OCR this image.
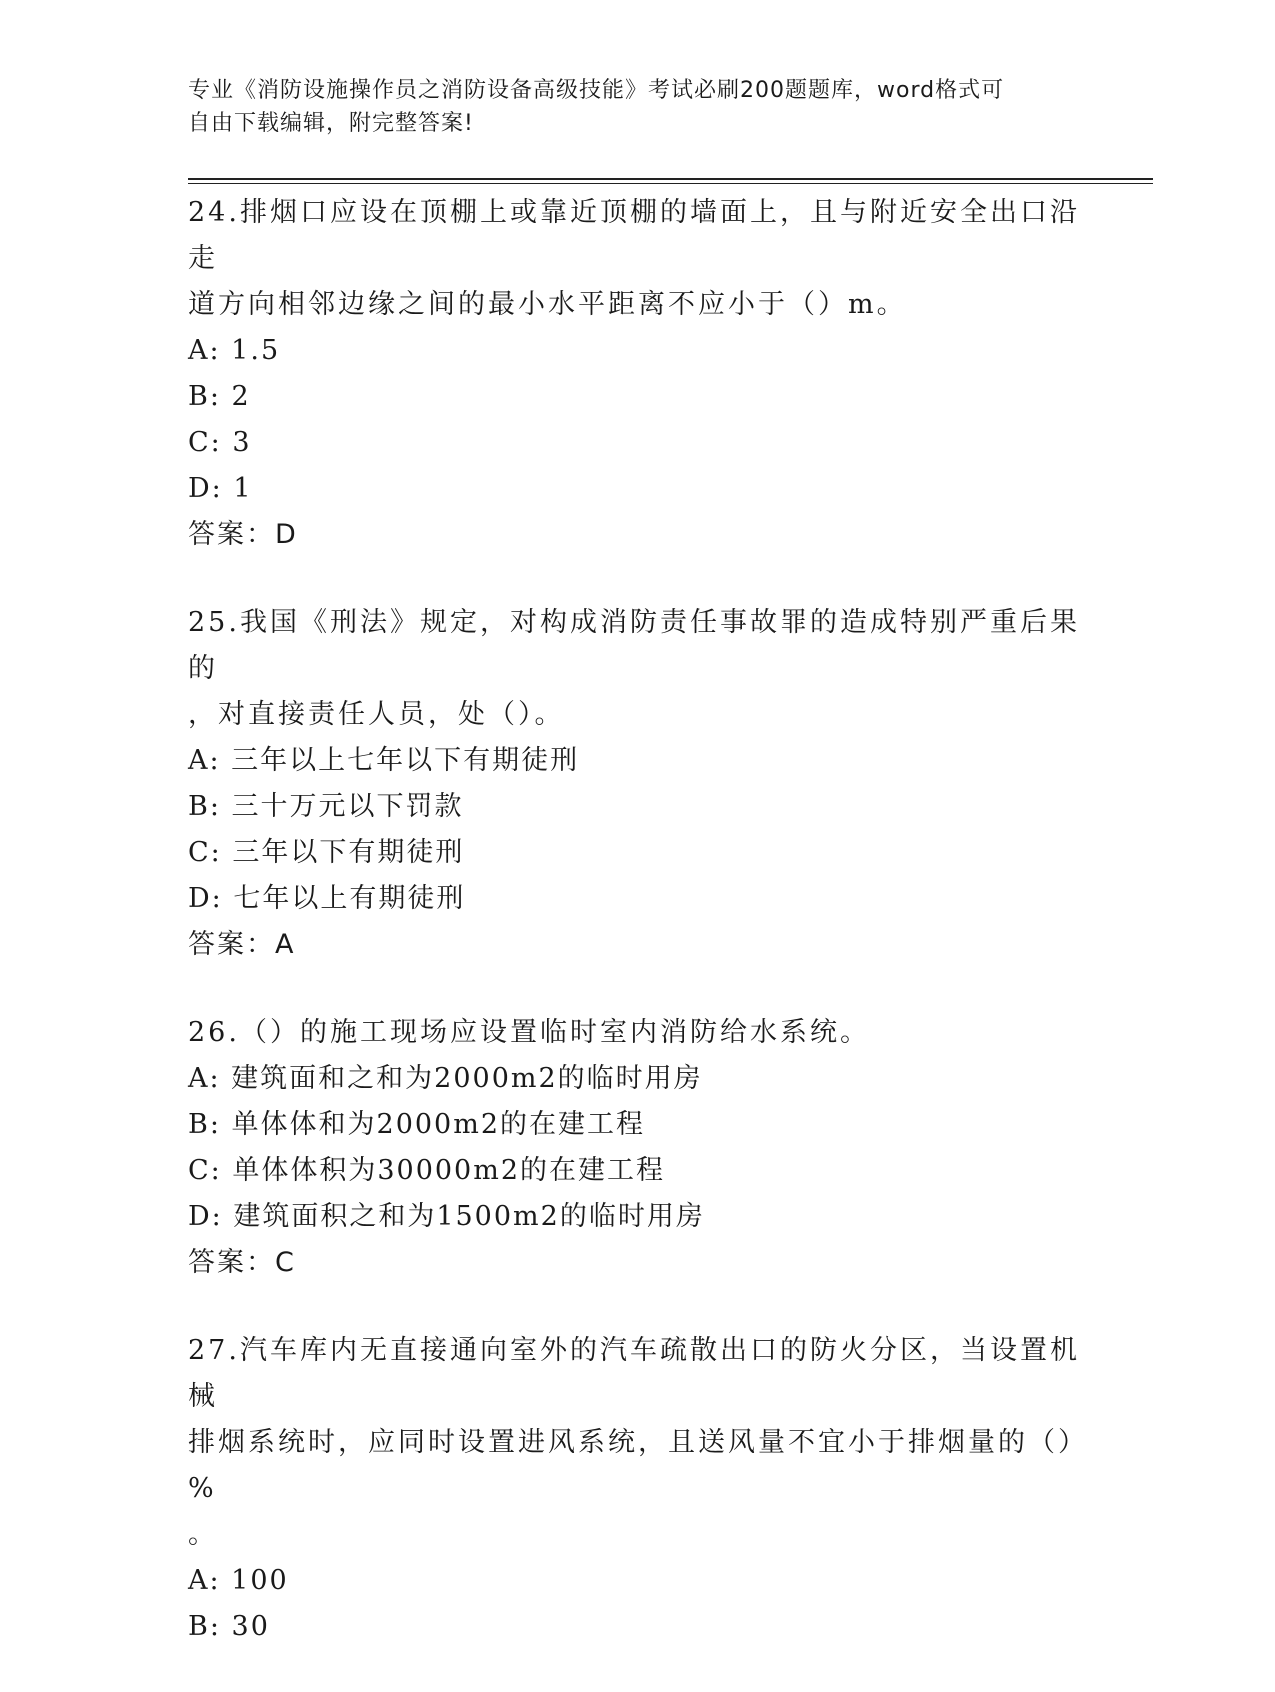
专业《消防设施操作员之消防设备高级技能》考试必刷200题题库，word格式可
自由下载编辑，附完整答案!

24.排烟口应设在顶棚上或靠近顶棚的墙面上，且与附近安全出口沿走

道方向相邻边缘之间的最小水平距离不应小于（）m。

A: 1.5

B: 2

C: 3

D: 1

答案：D

25.我国《刑法》规定，对构成消防责任事故罪的造成特别严重后果的

，对直接责任人员，处（）。

A: 三年以上七年以下有期徒刑

B: 三十万元以下罚款

C: 三年以下有期徒刑

D: 七年以上有期徒刑

答案：A

26.（）的施工现场应设置临时室内消防给水系统。

A: 建筑面和之和为2000m2的临时用房

B: 单体体和为2000m2的在建工程

C: 单体体积为30000m2的在建工程

D: 建筑面积之和为1500m2的临时用房

答案：C

27.汽车库内无直接通向室外的汽车疏散出口的防火分区，当设置机械

排烟系统时，应同时设置进风系统，且送风量不宜小于排烟量的（）%

。

A: 100

B: 30
